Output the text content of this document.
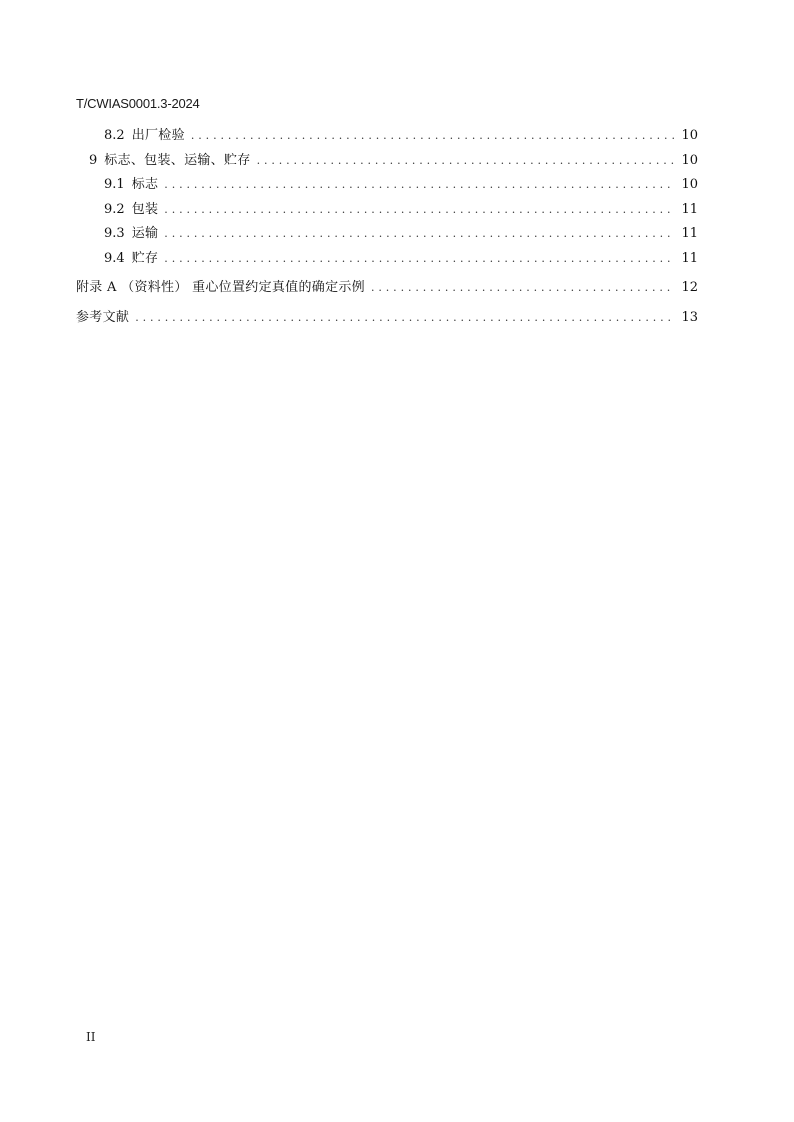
T/CWIAS0001.3-2024
8.2 出厂检验 . . .	10
9 标志、包装、运输、贮存 . . .	10
9.1 标志 . . .	10
9.2 包装 . . .	11
9.3 运输 . . .	11
9.4 贮存 . . .	11
附录 A （资料性） 重心位置约定真值的确定示例 . . .	12
参考文献 . . .	13
II
